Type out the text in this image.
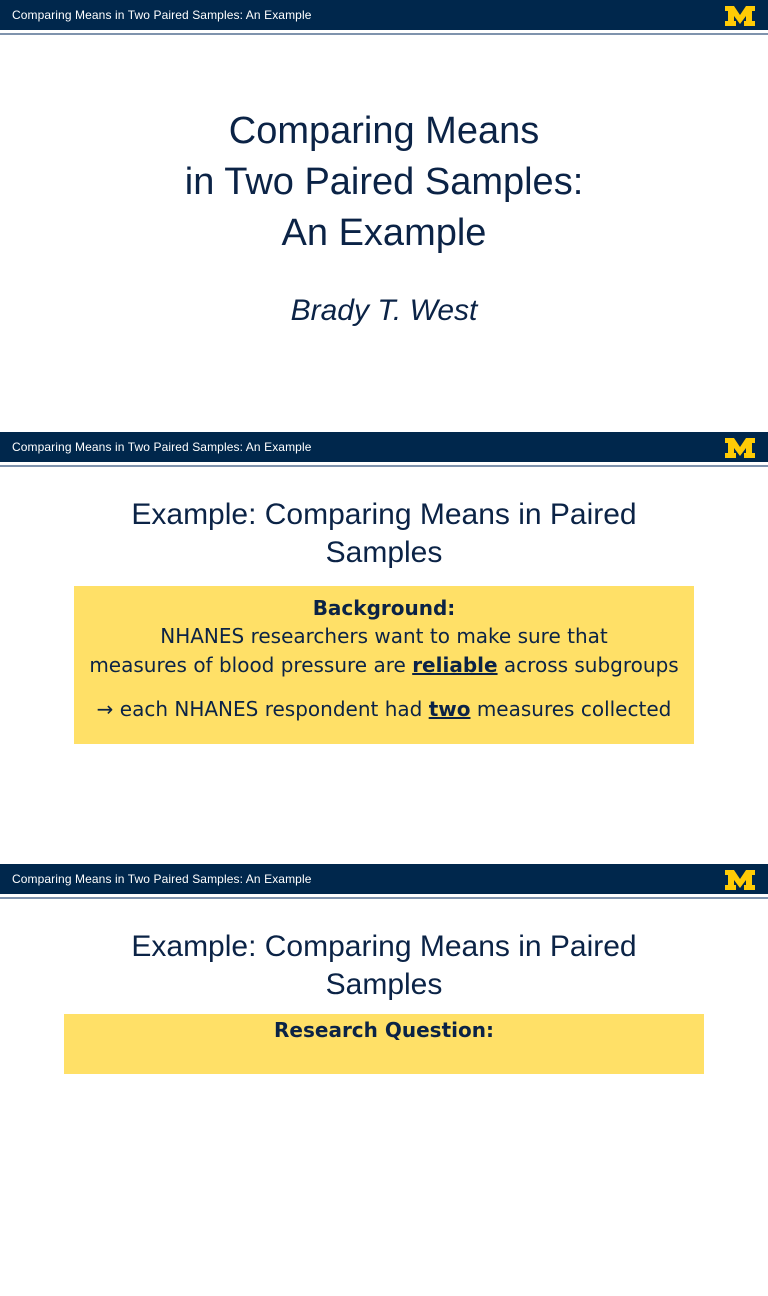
Comparing Means in Two Paired Samples: An Example
Comparing Means
in Two Paired Samples:
An Example
Brady T. West
Comparing Means in Two Paired Samples: An Example
Example: Comparing Means in Paired
Samples
Background:
NHANES researchers want to make sure that
measures of blood pressure are reliable across subgroups
→ each NHANES respondent had two measures collected
Comparing Means in Two Paired Samples: An Example
Example: Comparing Means in Paired
Samples
Research Question:
